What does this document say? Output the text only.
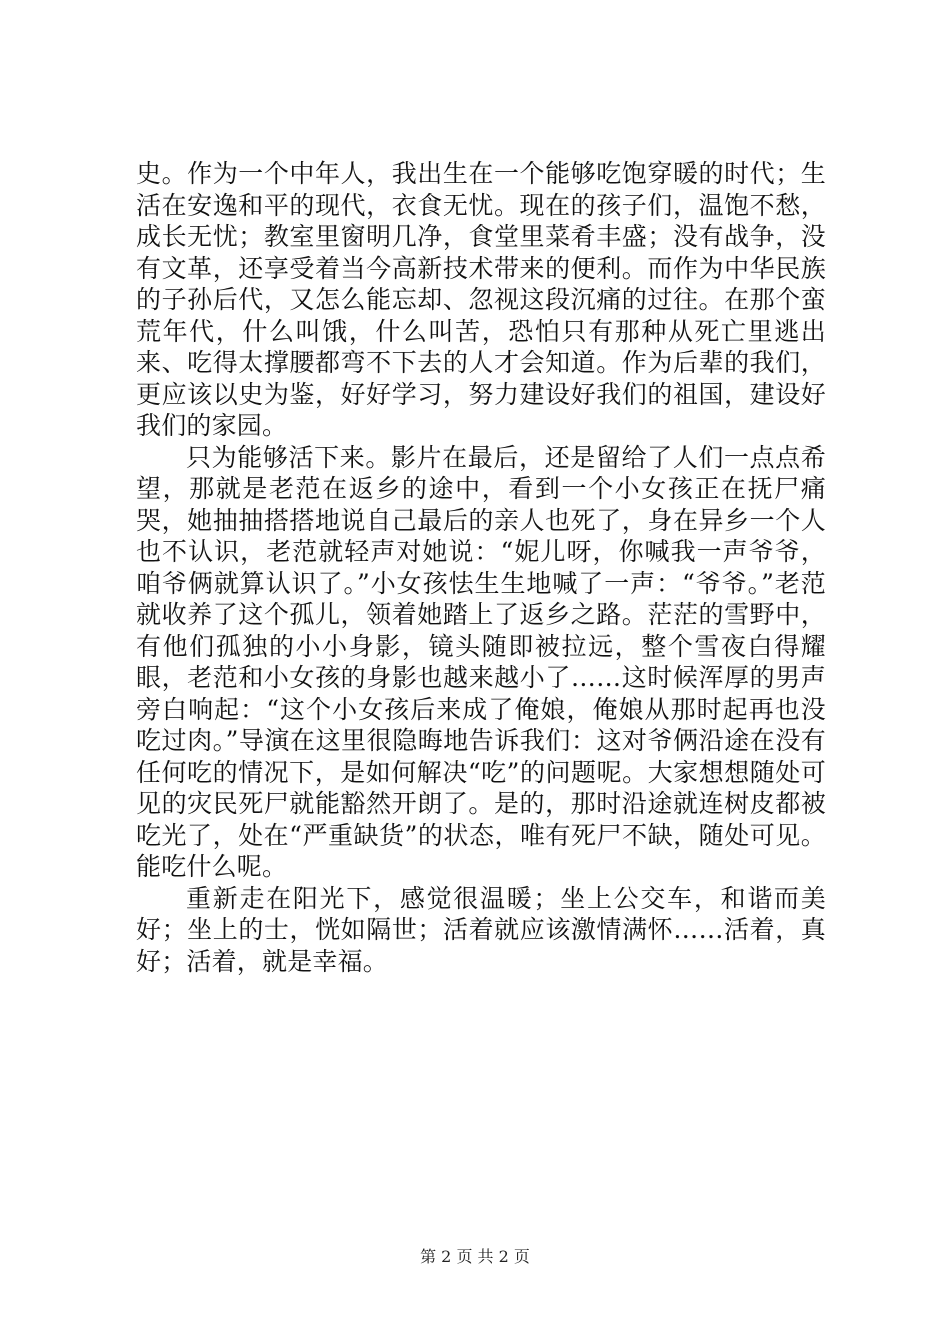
史。作为一个中年人，我出生在一个能够吃饱穿暖的时代；生活在安逸和平的现代，衣食无忧。现在的孩子们，温饱不愁，成长无忧；教室里窗明几净，食堂里菜肴丰盛；没有战争，没有文革，还享受着当今高新技术带来的便利。而作为中华民族的子孙后代，又怎么能忘却、忽视这段沉痛的过往。在那个蛮荒年代，什么叫饿，什么叫苦，恐怕只有那种从死亡里逃出来、吃得太撑腰都弯不下去的人才会知道。作为后辈的我们，更应该以史为鉴，好好学习，努力建设好我们的祖国，建设好我们的家园。

只为能够活下来。影片在最后，还是留给了人们一点点希望，那就是老范在返乡的途中，看到一个小女孩正在抚尸痛哭，她抽抽搭搭地说自己最后的亲人也死了，身在异乡一个人也不认识，老范就轻声对她说：“妮儿呀，你喊我一声爷爷，咱爷俩就算认识了。”小女孩怯生生地喊了一声：“爷爷。”老范就收养了这个孤儿，领着她踏上了返乡之路。茫茫的雪野中，有他们孤独的小小身影，镜头随即被拉远，整个雪夜白得耀眼，老范和小女孩的身影也越来越小了……这时候浑厚的男声旁白响起：“这个小女孩后来成了俺娘，俺娘从那时起再也没吃过肉。”导演在这里很隐晦地告诉我们：这对爷俩沿途在没有任何吃的情况下，是如何解决“吃”的问题呢。大家想想随处可见的灾民死尸就能豁然开朗了。是的，那时沿途就连树皮都被吃光了，处在“严重缺货”的状态，唯有死尸不缺，随处可见。能吃什么呢。

重新走在阳光下，感觉很温暖；坐上公交车，和谐而美好；坐上的士，恍如隔世；活着就应该激情满怀……活着，真好；活着，就是幸福。

第 2 页 共 2 页
